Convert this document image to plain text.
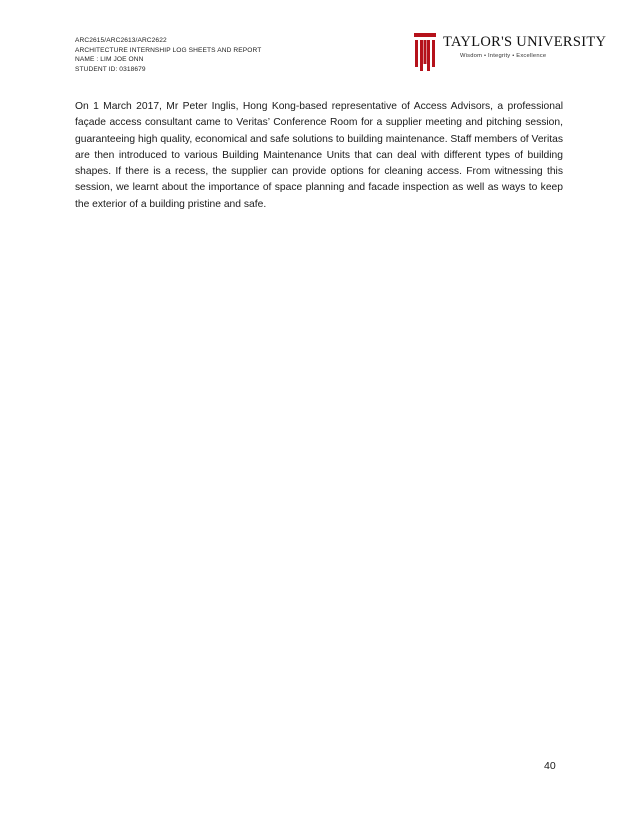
ARC2615/ARC2613/ARC2622
ARCHITECTURE INTERNSHIP LOG SHEETS AND REPORT
NAME : LIM JOE ONN
STUDENT ID: 0318679
TAYLOR'S UNIVERSITY
Wisdom • Integrity • Excellence

On 1 March 2017, Mr Peter Inglis, Hong Kong-based representative of Access Advisors, a professional façade access consultant came to Veritas’ Conference Room for a supplier meeting and pitching session, guaranteeing high quality, economical and safe solutions to building maintenance. Staff members of Veritas are then introduced to various Building Maintenance Units that can deal with different types of building shapes. If there is a recess, the supplier can provide options for cleaning access. From witnessing this session, we learnt about the importance of space planning and facade inspection as well as ways to keep the exterior of a building pristine and safe.

40
